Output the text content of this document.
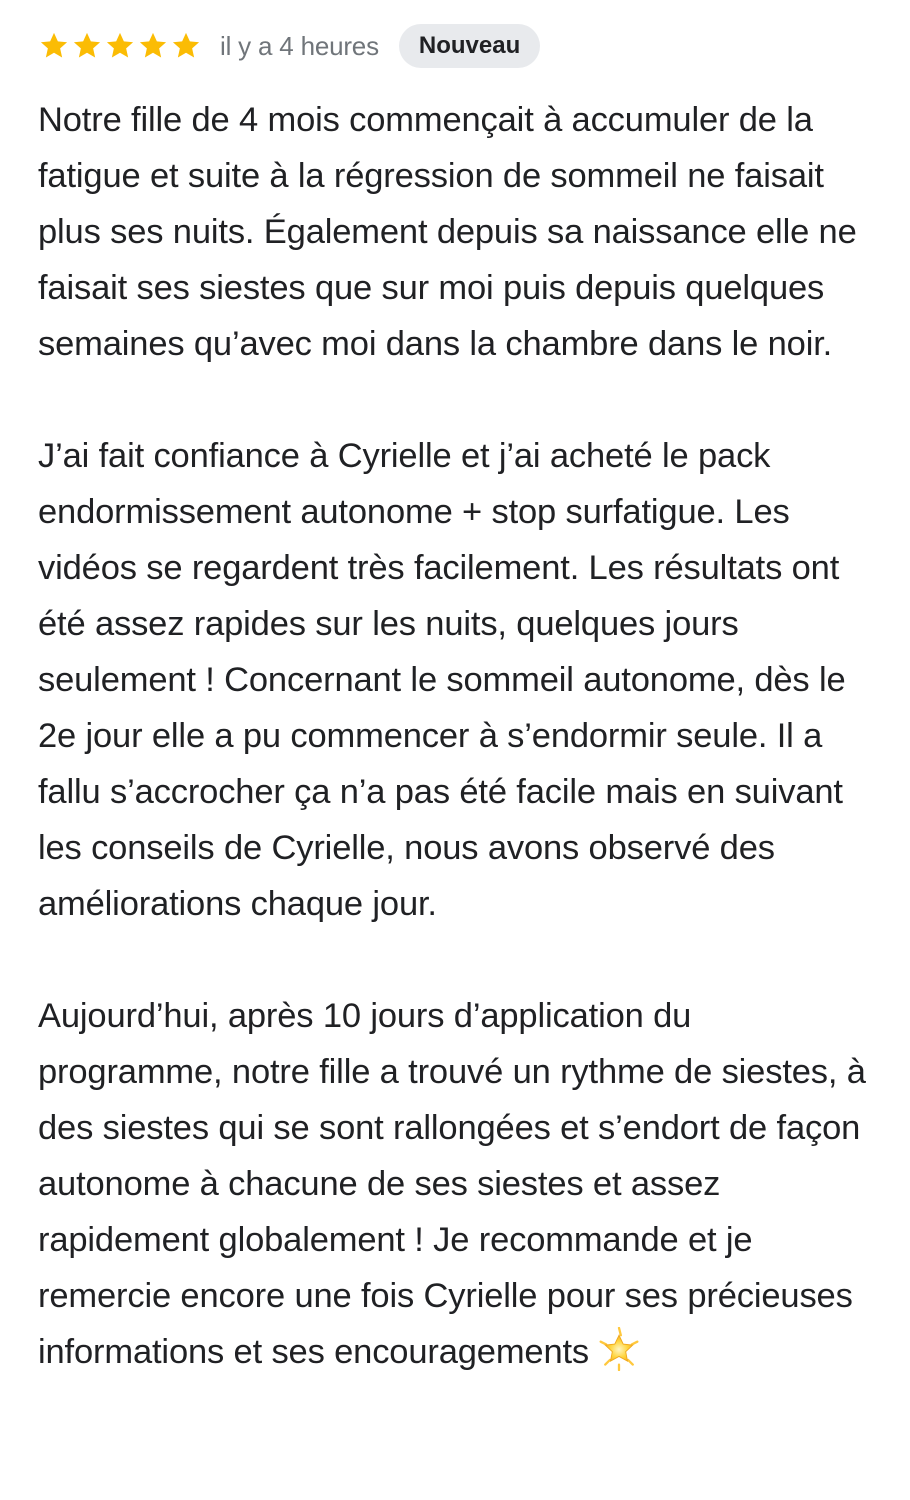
il y a 4 heures	Nouveau

Notre fille de 4 mois commençait à accumuler de la fatigue et suite à la régression de sommeil ne faisait plus ses nuits. Également depuis sa naissance elle ne faisait ses siestes que sur moi puis depuis quelques semaines qu’avec moi dans la chambre dans le noir.

J’ai fait confiance à Cyrielle et j’ai acheté le pack endormissement autonome + stop surfatigue. Les vidéos se regardent très facilement. Les résultats ont été assez rapides sur les nuits, quelques jours seulement ! Concernant le sommeil autonome, dès le 2e jour elle a pu commencer à s’endormir seule. Il a fallu s’accrocher ça n’a pas été facile mais en suivant les conseils de Cyrielle, nous avons observé des améliorations chaque jour.

Aujourd’hui, après 10 jours d’application du programme, notre fille a trouvé un rythme de siestes, à des siestes qui se sont rallongées et s’endort de façon autonome à chacune de ses siestes et assez rapidement globalement ! Je recommande et je remercie encore une fois Cyrielle pour ses précieuses informations et ses encouragements
